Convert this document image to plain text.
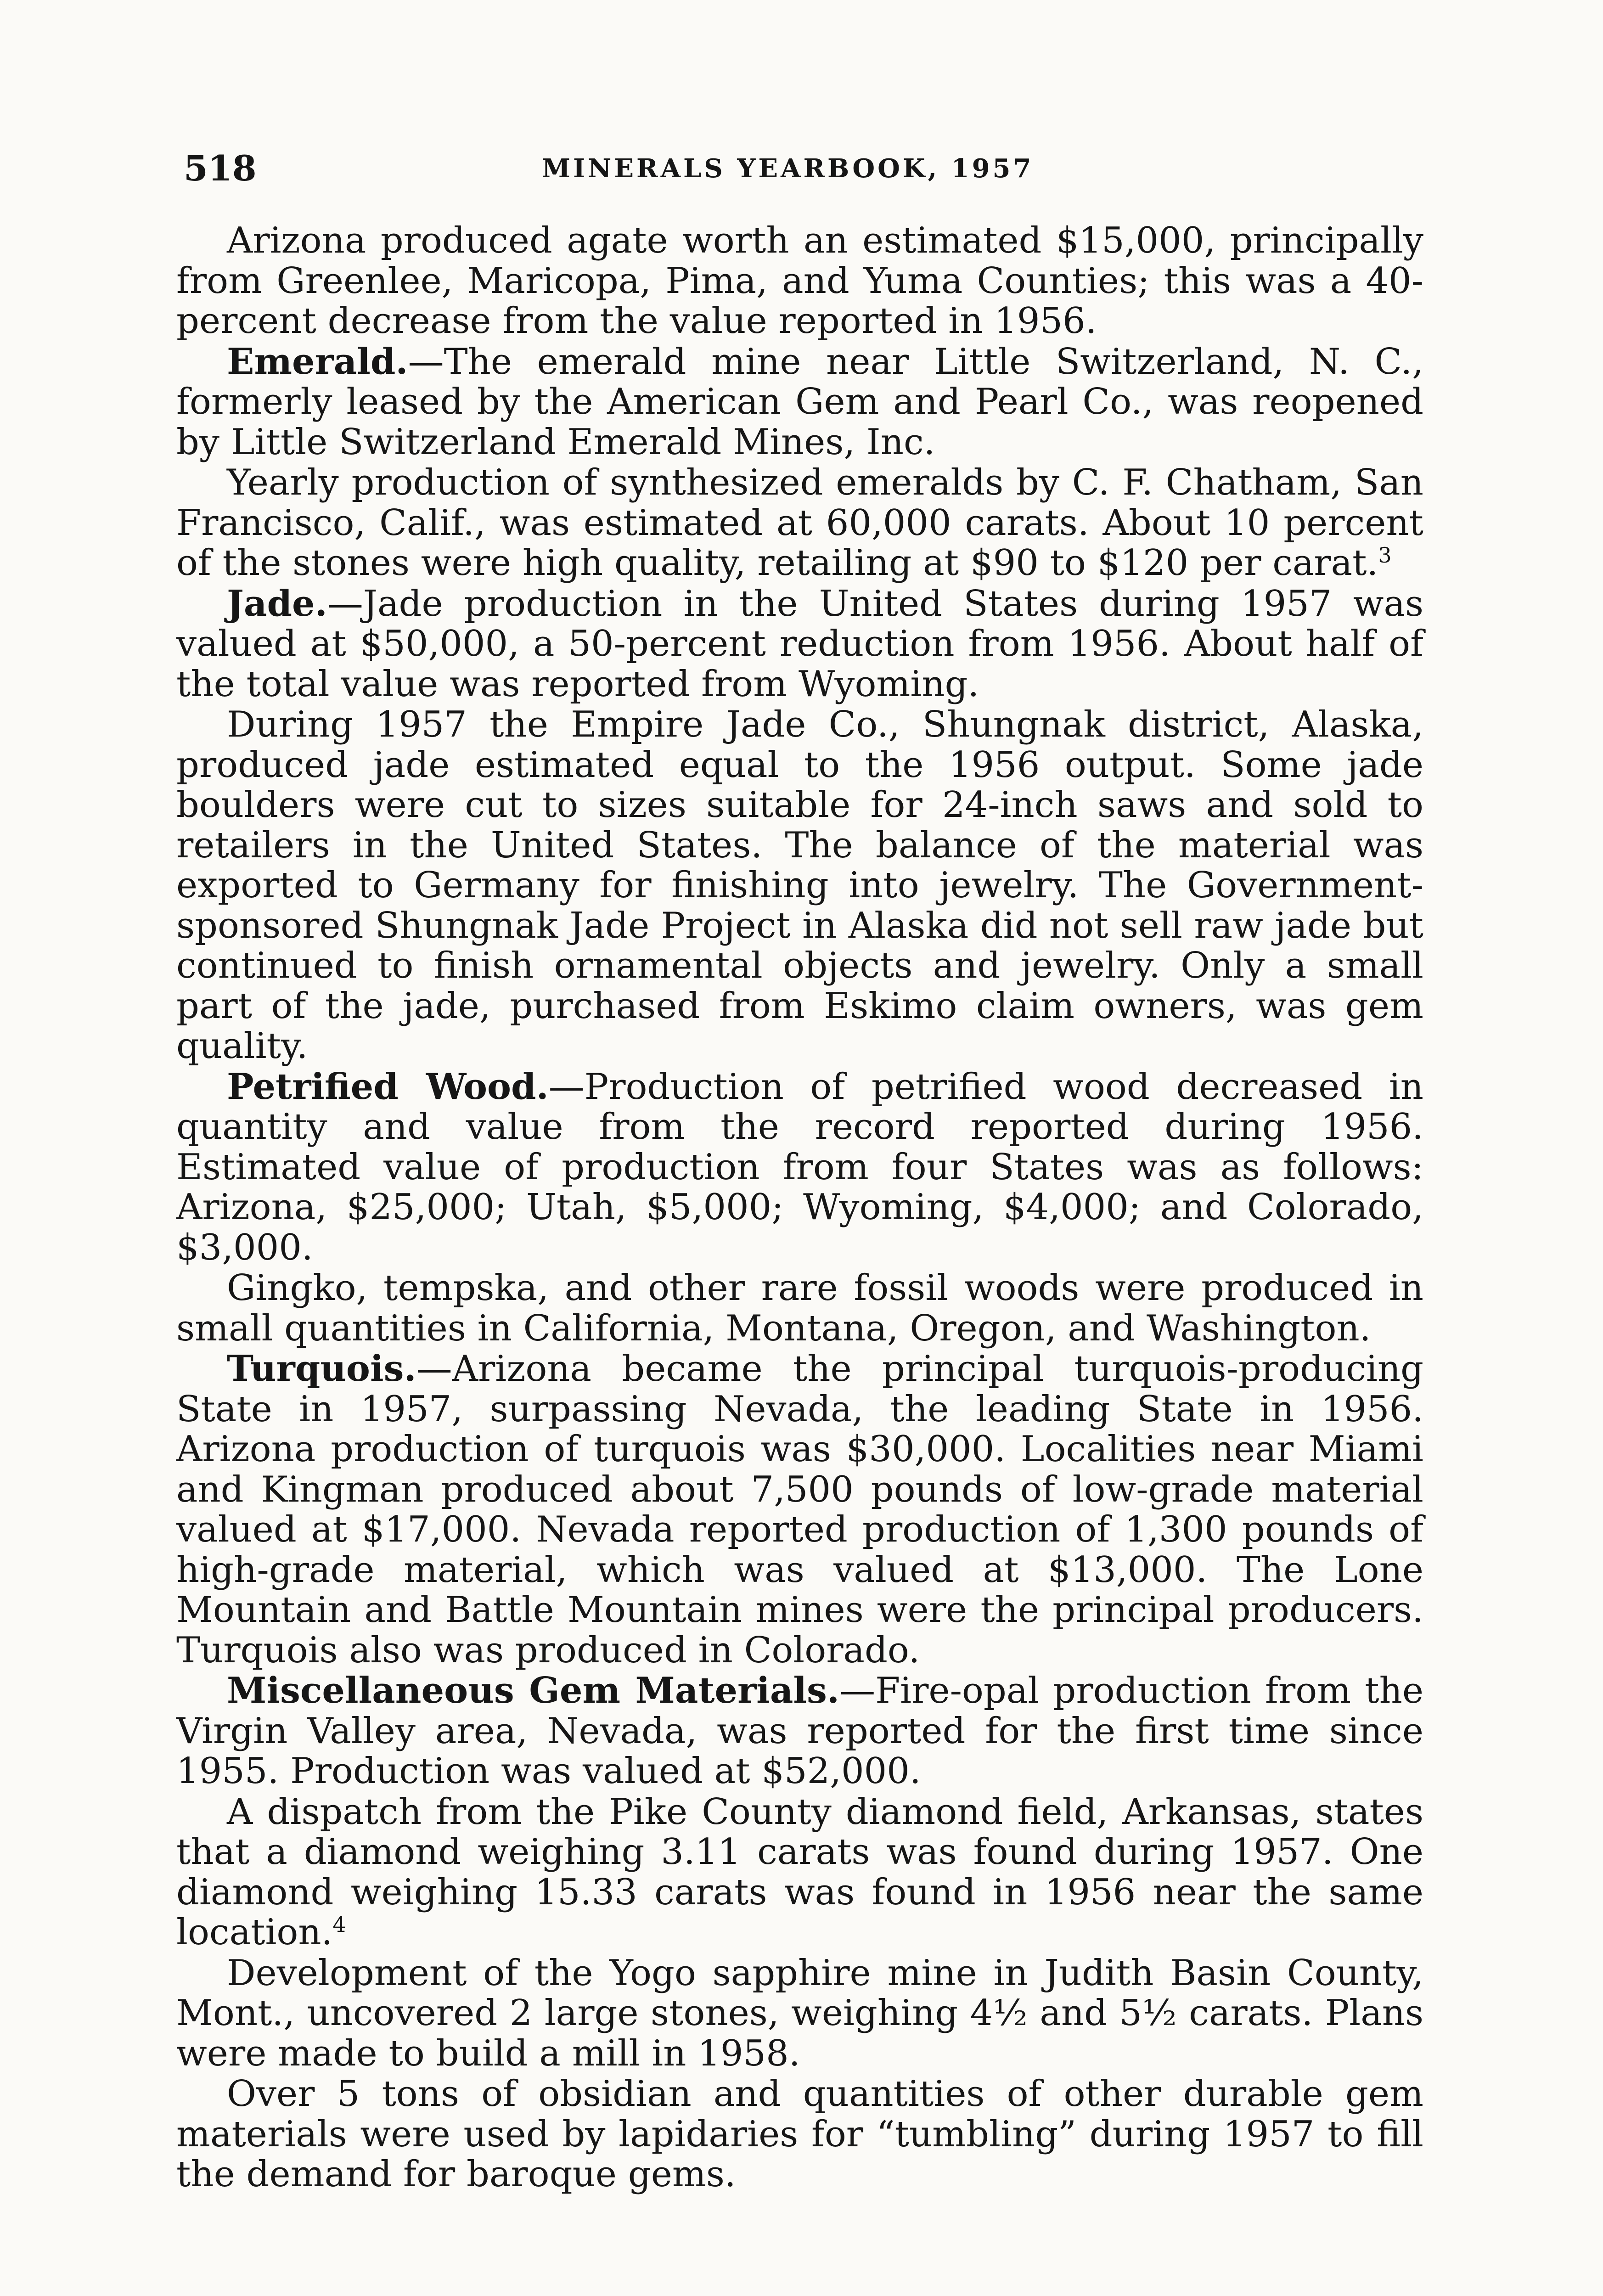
518	MINERALS YEARBOOK, 1957

Arizona produced agate worth an estimated $15,000, principally from Greenlee, Maricopa, Pima, and Yuma Counties; this was a 40-percent decrease from the value reported in 1956.

Emerald.—The emerald mine near Little Switzerland, N. C., formerly leased by the American Gem and Pearl Co., was reopened by Little Switzerland Emerald Mines, Inc.

Yearly production of synthesized emeralds by C. F. Chatham, San Francisco, Calif., was estimated at 60,000 carats. About 10 percent of the stones were high quality, retailing at $90 to $120 per carat.$^3$

Jade.—Jade production in the United States during 1957 was valued at $50,000, a 50-percent reduction from 1956. About half of the total value was reported from Wyoming.

During 1957 the Empire Jade Co., Shungnak district, Alaska, produced jade estimated equal to the 1956 output. Some jade boulders were cut to sizes suitable for 24-inch saws and sold to retailers in the United States. The balance of the material was exported to Germany for finishing into jewelry. The Government-sponsored Shungnak Jade Project in Alaska did not sell raw jade but continued to finish ornamental objects and jewelry. Only a small part of the jade, purchased from Eskimo claim owners, was gem quality.

Petrified Wood.—Production of petrified wood decreased in quantity and value from the record reported during 1956. Estimated value of production from four States was as follows: Arizona, $25,000; Utah, $5,000; Wyoming, $4,000; and Colorado, $3,000.

Gingko, tempska, and other rare fossil woods were produced in small quantities in California, Montana, Oregon, and Washington.

Turquois.—Arizona became the principal turquois-producing State in 1957, surpassing Nevada, the leading State in 1956. Arizona production of turquois was $30,000. Localities near Miami and Kingman produced about 7,500 pounds of low-grade material valued at $17,000. Nevada reported production of 1,300 pounds of high-grade material, which was valued at $13,000. The Lone Mountain and Battle Mountain mines were the principal producers. Turquois also was produced in Colorado.

Miscellaneous Gem Materials.—Fire-opal production from the Virgin Valley area, Nevada, was reported for the first time since 1955. Production was valued at $52,000.

A dispatch from the Pike County diamond field, Arkansas, states that a diamond weighing 3.11 carats was found during 1957. One diamond weighing 15.33 carats was found in 1956 near the same location.$^4$

Development of the Yogo sapphire mine in Judith Basin County, Mont., uncovered 2 large stones, weighing 4½ and 5½ carats. Plans were made to build a mill in 1958.

Over 5 tons of obsidian and quantities of other durable gem materials were used by lapidaries for “tumbling” during 1957 to fill the demand for baroque gems.
